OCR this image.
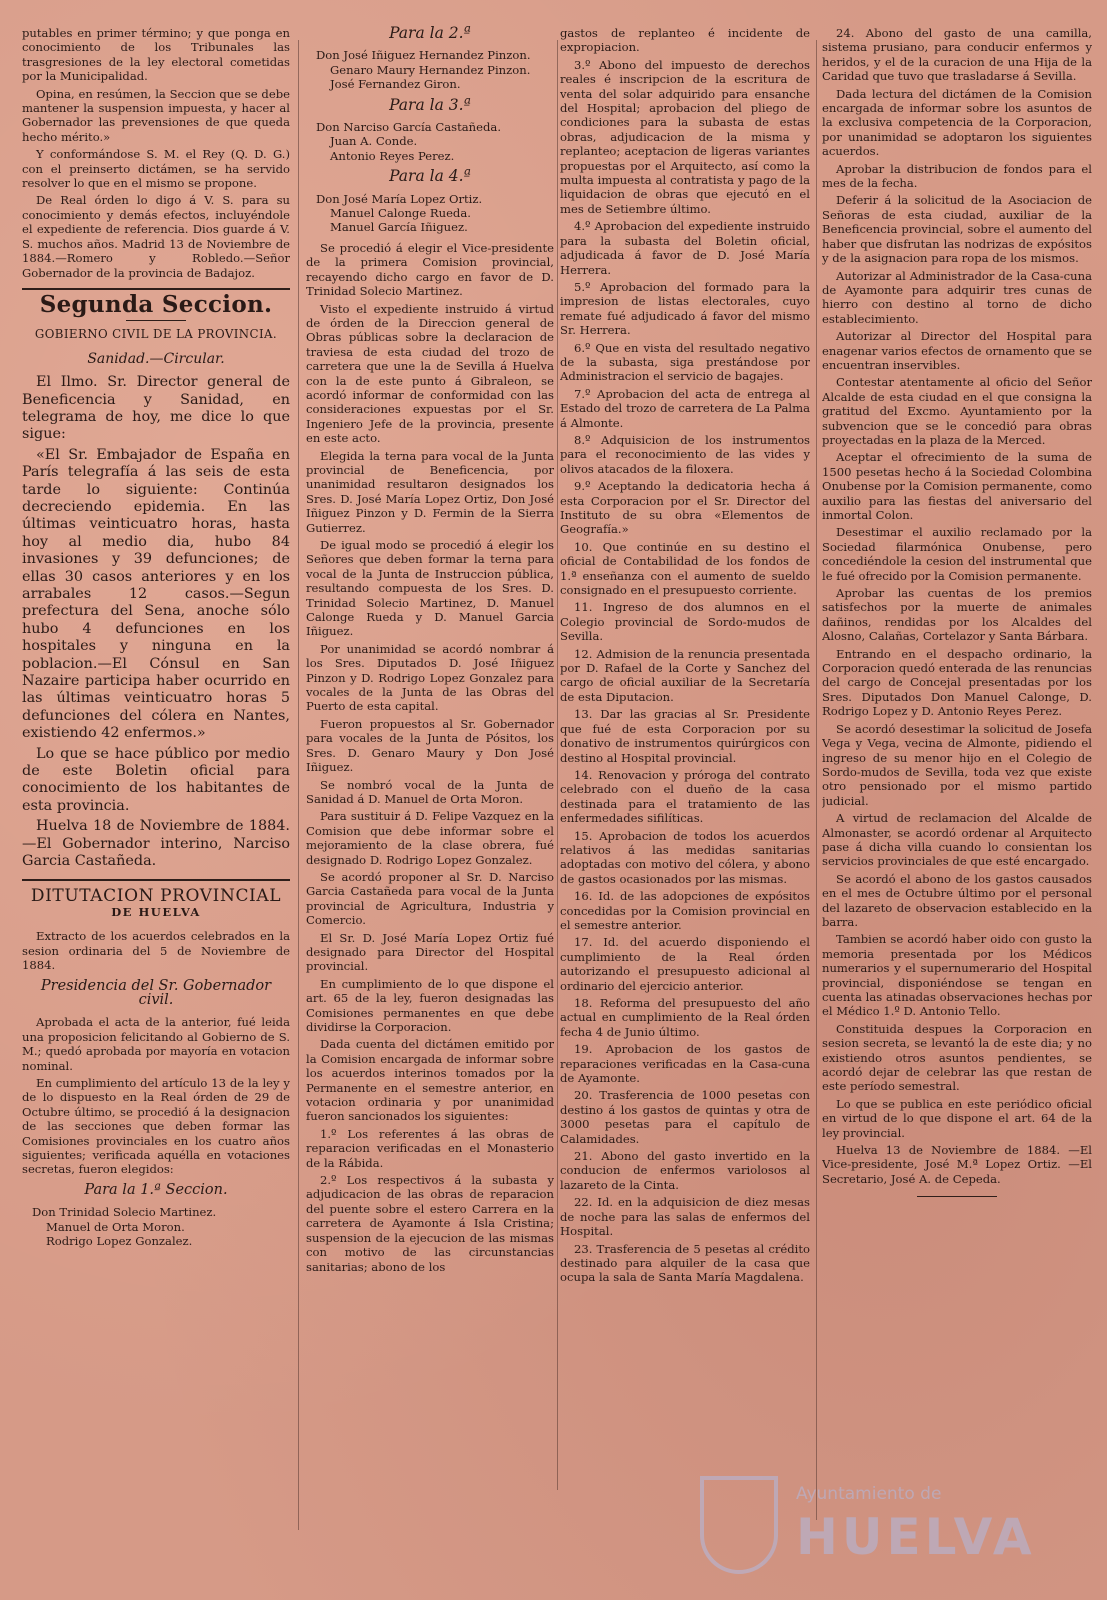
putables en primer término; y que ponga en conocimiento de los Tribunales las trasgresiones de la ley electoral cometidas por la Municipalidad.

Opina, en resúmen, la Seccion que se debe mantener la suspension impuesta, y hacer al Gobernador las prevensiones de que queda hecho mérito.»

Y conformándose S. M. el Rey (Q. D. G.) con el preinserto dictámen, se ha servido resolver lo que en el mismo se propone.

De Real órden lo digo á V. S. para su conocimiento y demás efectos, incluyéndole el expediente de referencia. Dios guarde á V. S. muchos años. Madrid 13 de Noviembre de 1884.—Romero y Robledo.—Señor Gobernador de la provincia de Badajoz.

Segunda Seccion.
GOBIERNO CIVIL DE LA PROVINCIA.
Sanidad.—Circular.

El Ilmo. Sr. Director general de Beneficencia y Sanidad, en telegrama de hoy, me dice lo que sigue:

«El Sr. Embajador de España en París telegrafía á las seis de esta tarde lo siguiente: Continúa decreciendo epidemia. En las últimas veinticuatro horas, hasta hoy al medio dia, hubo 84 invasiones y 39 defunciones; de ellas 30 casos anteriores y en los arrabales 12 casos.—Segun prefectura del Sena, anoche sólo hubo 4 defunciones en los hospitales y ninguna en la poblacion.—El Cónsul en San Nazaire participa haber ocurrido en las últimas veinticuatro horas 5 defunciones del cólera en Nantes, existiendo 42 enfermos.»

Lo que se hace público por medio de este Boletin oficial para conocimiento de los habitantes de esta provincia.

Huelva 18 de Noviembre de 1884.—El Gobernador interino, Narciso Garcia Castañeda.

DITUTACION PROVINCIAL
DE HUELVA

Extracto de los acuerdos celebrados en la sesion ordinaria del 5 de Noviembre de 1884.

Presidencia del Sr. Gobernador civil.

Aprobada el acta de la anterior, fué leida una proposicion felicitando al Gobierno de S. M.; quedó aprobada por mayoría en votacion nominal.

En cumplimiento del artículo 13 de la ley y de lo dispuesto en la Real órden de 29 de Octubre último, se procedió á la designacion de las secciones que deben formar las Comisiones provinciales en los cuatro años siguientes; verificada aquélla en votaciones secretas, fueron elegidos:

Para la 1.ª Seccion.
Don Trinidad Solecio Martinez.
Manuel de Orta Moron.
Rodrigo Lopez Gonzalez.
Para la 2.ª
Don José Iñiguez Hernandez Pinzon.
Genaro Maury Hernandez Pinzon.
José Fernandez Giron.
Para la 3.ª
Don Narciso García Castañeda.
Juan A. Conde.
Antonio Reyes Perez.
Para la 4.ª
Don José María Lopez Ortiz.
Manuel Calonge Rueda.
Manuel García Iñiguez.

Se procedió á elegir el Vice-presidente de la primera Comision provincial, recayendo dicho cargo en favor de D. Trinidad Solecio Martinez.

Visto el expediente instruido á virtud de órden de la Direccion general de Obras públicas sobre la declaracion de traviesa de esta ciudad del trozo de carretera que une la de Sevilla á Huelva con la de este punto á Gibraleon, se acordó informar de conformidad con las consideraciones expuestas por el Sr. Ingeniero Jefe de la provincia, presente en este acto.

Elegida la terna para vocal de la Junta provincial de Beneficencia, por unanimidad resultaron designados los Sres. D. José María Lopez Ortiz, Don José Iñiguez Pinzon y D. Fermin de la Sierra Gutierrez.

De igual modo se procedió á elegir los Señores que deben formar la terna para vocal de la Junta de Instruccion pública, resultando compuesta de los Sres. D. Trinidad Solecio Martinez, D. Manuel Calonge Rueda y D. Manuel Garcia Iñiguez.

Por unanimidad se acordó nombrar á los Sres. Diputados D. José Iñiguez Pinzon y D. Rodrigo Lopez Gonzalez para vocales de la Junta de las Obras del Puerto de esta capital.

Fueron propuestos al Sr. Gobernador para vocales de la Junta de Pósitos, los Sres. D. Genaro Maury y Don José Iñiguez.

Se nombró vocal de la Junta de Sanidad á D. Manuel de Orta Moron.

Para sustituir á D. Felipe Vazquez en la Comision que debe informar sobre el mejoramiento de la clase obrera, fué designado D. Rodrigo Lopez Gonzalez.

Se acordó proponer al Sr. D. Narciso Garcia Castañeda para vocal de la Junta provincial de Agricultura, Industria y Comercio.

El Sr. D. José María Lopez Ortiz fué designado para Director del Hospital provincial.

En cumplimiento de lo que dispone el art. 65 de la ley, fueron designadas las Comisiones permanentes en que debe dividirse la Corporacion.

Dada cuenta del dictámen emitido por la Comision encargada de informar sobre los acuerdos interinos tomados por la Permanente en el semestre anterior, en votacion ordinaria y por unanimidad fueron sancionados los siguientes:

1.º Los referentes á las obras de reparacion verificadas en el Monasterio de la Rábida.

2.º Los respectivos á la subasta y adjudicacion de las obras de reparacion del puente sobre el estero Carrera en la carretera de Ayamonte á Isla Cristina; suspension de la ejecucion de las mismas con motivo de las circunstancias sanitarias; abono de los

gastos de replanteo é incidente de expropiacion.

3.º Abono del impuesto de derechos reales é inscripcion de la escritura de venta del solar adquirido para ensanche del Hospital; aprobacion del pliego de condiciones para la subasta de estas obras, adjudicacion de la misma y replanteo; aceptacion de ligeras variantes propuestas por el Arquitecto, así como la multa impuesta al contratista y pago de la liquidacion de obras que ejecutó en el mes de Setiembre último.

4.º Aprobacion del expediente instruido para la subasta del Boletin oficial, adjudicada á favor de D. José María Herrera.

5.º Aprobacion del formado para la impresion de listas electorales, cuyo remate fué adjudicado á favor del mismo Sr. Herrera.

6.º Que en vista del resultado negativo de la subasta, siga prestándose por Administracion el servicio de bagajes.

7.º Aprobacion del acta de entrega al Estado del trozo de carretera de La Palma á Almonte.

8.º Adquisicion de los instrumentos para el reconocimiento de las vides y olivos atacados de la filoxera.

9.º Aceptando la dedicatoria hecha á esta Corporacion por el Sr. Director del Instituto de su obra «Elementos de Geografía.»

10. Que continúe en su destino el oficial de Contabilidad de los fondos de 1.ª enseñanza con el aumento de sueldo consignado en el presupuesto corriente.

11. Ingreso de dos alumnos en el Colegio provincial de Sordo-mudos de Sevilla.

12. Admision de la renuncia presentada por D. Rafael de la Corte y Sanchez del cargo de oficial auxiliar de la Secretaría de esta Diputacion.

13. Dar las gracias al Sr. Presidente que fué de esta Corporacion por su donativo de instrumentos quirúrgicos con destino al Hospital provincial.

14. Renovacion y próroga del contrato celebrado con el dueño de la casa destinada para el tratamiento de las enfermedades sifilíticas.

15. Aprobacion de todos los acuerdos relativos á las medidas sanitarias adoptadas con motivo del cólera, y abono de gastos ocasionados por las mismas.

16. Id. de las adopciones de expósitos concedidas por la Comision provincial en el semestre anterior.

17. Id. del acuerdo disponiendo el cumplimiento de la Real órden autorizando el presupuesto adicional al ordinario del ejercicio anterior.

18. Reforma del presupuesto del año actual en cumplimiento de la Real órden fecha 4 de Junio último.

19. Aprobacion de los gastos de reparaciones verificadas en la Casa-cuna de Ayamonte.

20. Trasferencia de 1000 pesetas con destino á los gastos de quintas y otra de 3000 pesetas para el capítulo de Calamidades.

21. Abono del gasto invertido en la conducion de enfermos variolosos al lazareto de la Cinta.

22. Id. en la adquisicion de diez mesas de noche para las salas de enfermos del Hospital.

23. Trasferencia de 5 pesetas al crédito destinado para alquiler de la casa que ocupa la sala de Santa María Magdalena.

24. Abono del gasto de una camilla, sistema prusiano, para conducir enfermos y heridos, y el de la curacion de una Hija de la Caridad que tuvo que trasladarse á Sevilla.

Dada lectura del dictámen de la Comision encargada de informar sobre los asuntos de la exclusiva competencia de la Corporacion, por unanimidad se adoptaron los siguientes acuerdos.

Aprobar la distribucion de fondos para el mes de la fecha.

Deferir á la solicitud de la Asociacion de Señoras de esta ciudad, auxiliar de la Beneficencia provincial, sobre el aumento del haber que disfrutan las nodrizas de expósitos y de la asignacion para ropa de los mismos.

Autorizar al Administrador de la Casa-cuna de Ayamonte para adquirir tres cunas de hierro con destino al torno de dicho establecimiento.

Autorizar al Director del Hospital para enagenar varios efectos de ornamento que se encuentran inservibles.

Contestar atentamente al oficio del Señor Alcalde de esta ciudad en el que consigna la gratitud del Excmo. Ayuntamiento por la subvencion que se le concedió para obras proyectadas en la plaza de la Merced.

Aceptar el ofrecimiento de la suma de 1500 pesetas hecho á la Sociedad Colombina Onubense por la Comision permanente, como auxilio para las fiestas del aniversario del inmortal Colon.

Desestimar el auxilio reclamado por la Sociedad filarmónica Onubense, pero concediéndole la cesion del instrumental que le fué ofrecido por la Comision permanente.

Aprobar las cuentas de los premios satisfechos por la muerte de animales dañinos, rendidas por los Alcaldes del Alosno, Calañas, Cortelazor y Santa Bárbara.

Entrando en el despacho ordinario, la Corporacion quedó enterada de las renuncias del cargo de Concejal presentadas por los Sres. Diputados Don Manuel Calonge, D. Rodrigo Lopez y D. Antonio Reyes Perez.

Se acordó desestimar la solicitud de Josefa Vega y Vega, vecina de Almonte, pidiendo el ingreso de su menor hijo en el Colegio de Sordo-mudos de Sevilla, toda vez que existe otro pensionado por el mismo partido judicial.

A virtud de reclamacion del Alcalde de Almonaster, se acordó ordenar al Arquitecto pase á dicha villa cuando lo consientan los servicios provinciales de que esté encargado.

Se acordó el abono de los gastos causados en el mes de Octubre último por el personal del lazareto de observacion establecido en la barra.

Tambien se acordó haber oido con gusto la memoria presentada por los Médicos numerarios y el supernumerario del Hospital provincial, disponiéndose se tengan en cuenta las atinadas observaciones hechas por el Médico 1.º D. Antonio Tello.

Constituida despues la Corporacion en sesion secreta, se levantó la de este dia; y no existiendo otros asuntos pendientes, se acordó dejar de celebrar las que restan de este período semestral.

Lo que se publica en este periódico oficial en virtud de lo que dispone el art. 64 de la ley provincial.

Huelva 13 de Noviembre de 1884. —El Vice-presidente, José M.ª Lopez Ortiz. —El Secretario, José A. de Cepeda.

Ayuntamiento de
HUELVA
